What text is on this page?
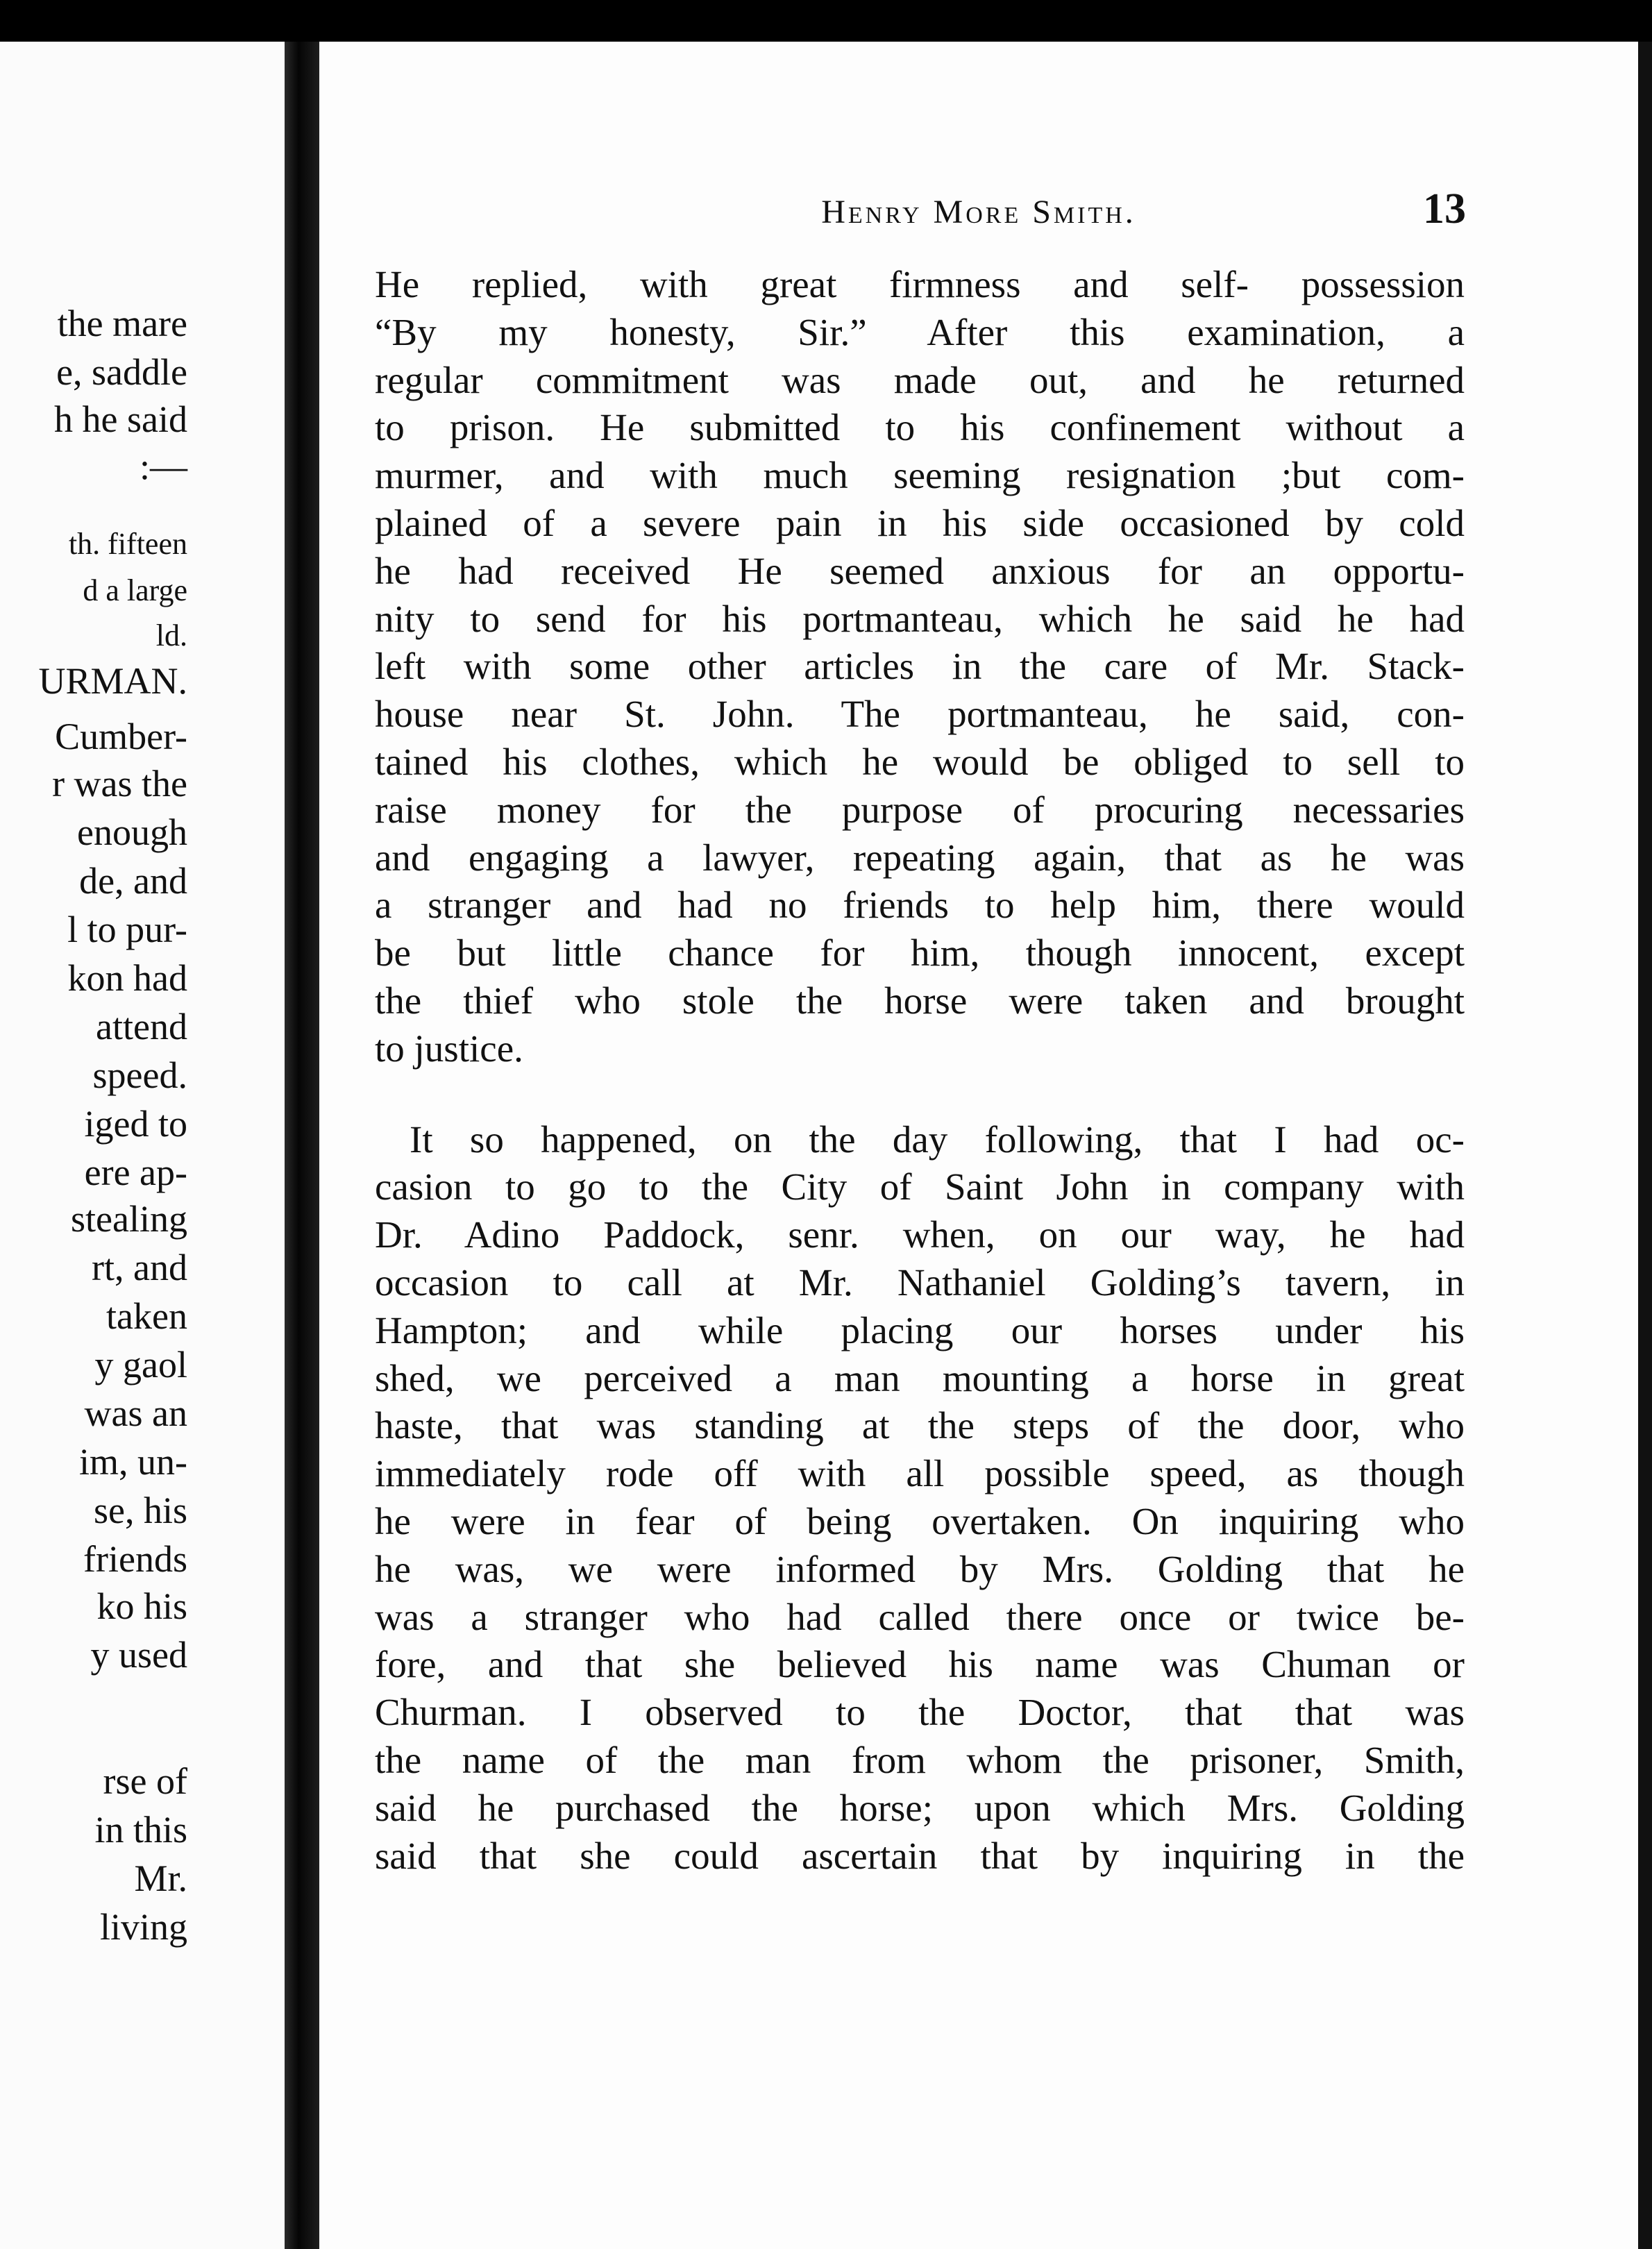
the mare
e, saddle
h he said
:—
th. fifteen
d a large
ld.
URMAN.
Cumber-
r was the
enough
de, and
l to pur-
kon had
attend
speed.
iged to
ere ap-
stealing
rt, and
taken
y gaol
was an
im, un-
se, his
friends
ko his
y used
rse of
in this
Mr.
living
Henry More Smith.	13
He replied, with great firmness and self- possession
“By my honesty, Sir.” After this examination, a
regular commitment was made out, and he returned
to prison. He submitted to his confinement without a
murmer, and with much seeming resignation ;but com-
plained of a severe pain in his side occasioned by cold
he had received He seemed anxious for an opportu-
nity to send for his portmanteau, which he said he had
left with some other articles in the care of Mr. Stack-
house near St. John. The portmanteau, he said, con-
tained his clothes, which he would be obliged to sell to
raise money for the purpose of procuring necessaries
and engaging a lawyer, repeating again, that as he was
a stranger and had no friends to help him, there would
be but little chance for him, though innocent, except
the thief who stole the horse were taken and brought
to justice.
It so happened, on the day following, that I had oc-
casion to go to the City of Saint John in company with
Dr. Adino Paddock, senr. when, on our way, he had
occasion to call at Mr. Nathaniel Golding’s tavern, in
Hampton; and while placing our horses under his
shed, we perceived a man mounting a horse in great
haste, that was standing at the steps of the door, who
immediately rode off with all possible speed, as though
he were in fear of being overtaken. On inquiring who
he was, we were informed by Mrs. Golding that he
was a stranger who had called there once or twice be-
fore, and that she believed his name was Chuman or
Churman. I observed to the Doctor, that that was
the name of the man from whom the prisoner, Smith,
said he purchased the horse; upon which Mrs. Golding
said that she could ascertain that by inquiring in the
